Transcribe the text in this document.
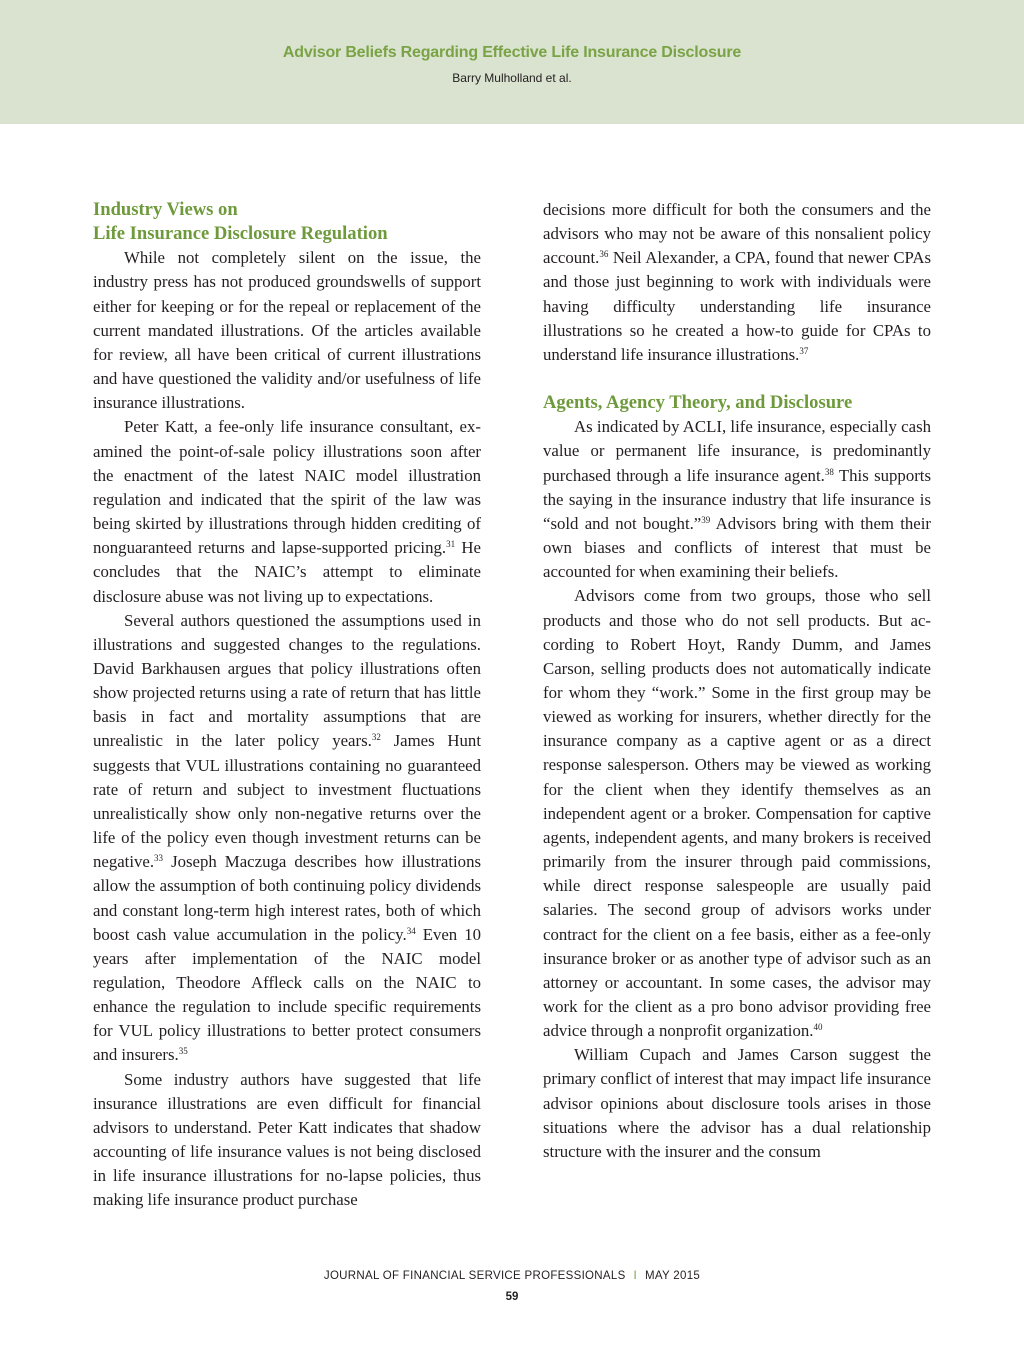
Advisor Beliefs Regarding Effective Life Insurance Disclosure
Barry Mulholland et al.
Industry Views on
Life Insurance Disclosure Regulation

While not completely silent on the issue, the industry press has not produced groundswells of support either for keeping or for the repeal or replacement of the current mandated illustrations. Of the articles available for review, all have been critical of current illustrations and have questioned the validity and/or usefulness of life insurance illustrations.

Peter Katt, a fee-only life insurance consultant, examined the point-of-sale policy illustrations soon after the enactment of the latest NAIC model illustration regulation and indicated that the spirit of the law was being skirted by illustrations through hidden crediting of nonguaranteed returns and lapse-supported pricing.$^{31}$ He concludes that the NAIC’s attempt to eliminate disclosure abuse was not living up to expectations.

Several authors questioned the assumptions used in illustrations and suggested changes to the regulations. David Barkhausen argues that policy illustrations often show projected returns using a rate of return that has little basis in fact and mortality assumptions that are unrealistic in the later policy years.$^{32}$ James Hunt suggests that VUL illustrations containing no guaranteed rate of return and subject to investment fluctuations unrealistically show only non-negative returns over the life of the policy even though investment returns can be negative.$^{33}$ Joseph Maczuga describes how illustrations allow the assumption of both continuing policy dividends and constant long-term high interest rates, both of which boost cash value accumulation in the policy.$^{34}$ Even 10 years after implementation of the NAIC model regulation, Theodore Affleck calls on the NAIC to enhance the regulation to include specific requirements for VUL policy illustrations to better protect consumers and insurers.$^{35}$

Some industry authors have suggested that life insurance illustrations are even difficult for financial advisors to understand. Peter Katt indicates that shadow accounting of life insurance values is not being disclosed in life insurance illustrations for no-lapse policies, thus making life insurance product purchase

decisions more difficult for both the consumers and the advisors who may not be aware of this nonsalient policy account.$^{36}$ Neil Alexander, a CPA, found that newer CPAs and those just beginning to work with individuals were having difficulty understanding life insurance illustrations so he created a how-to guide for CPAs to understand life insurance illustrations.$^{37}$

Agents, Agency Theory, and Disclosure

As indicated by ACLI, life insurance, especially cash value or permanent life insurance, is predominantly purchased through a life insurance agent.$^{38}$ This supports the saying in the insurance industry that life insurance is “sold and not bought.”$^{39}$ Advisors bring with them their own biases and conflicts of interest that must be accounted for when examining their beliefs.

Advisors come from two groups, those who sell products and those who do not sell products. But according to Robert Hoyt, Randy Dumm, and James Carson, selling products does not automatically indicate for whom they “work.” Some in the first group may be viewed as working for insurers, whether directly for the insurance company as a captive agent or as a direct response salesperson. Others may be viewed as working for the client when they identify themselves as an independent agent or a broker. Compensation for captive agents, independent agents, and many brokers is received primarily from the insurer through paid commissions, while direct response salespeople are usually paid salaries. The second group of advisors works under contract for the client on a fee basis, either as a fee-only insurance broker or as another type of advisor such as an attorney or accountant. In some cases, the advisor may work for the client as a pro bono advisor providing free advice through a nonprofit organization.$^{40}$

William Cupach and James Carson suggest the primary conflict of interest that may impact life insurance advisor opinions about disclosure tools arises in those situations where the advisor has a dual relationship structure with the insurer and the consum

JOURNAL OF FINANCIAL SERVICE PROFESSIONALS I MAY 2015
59
